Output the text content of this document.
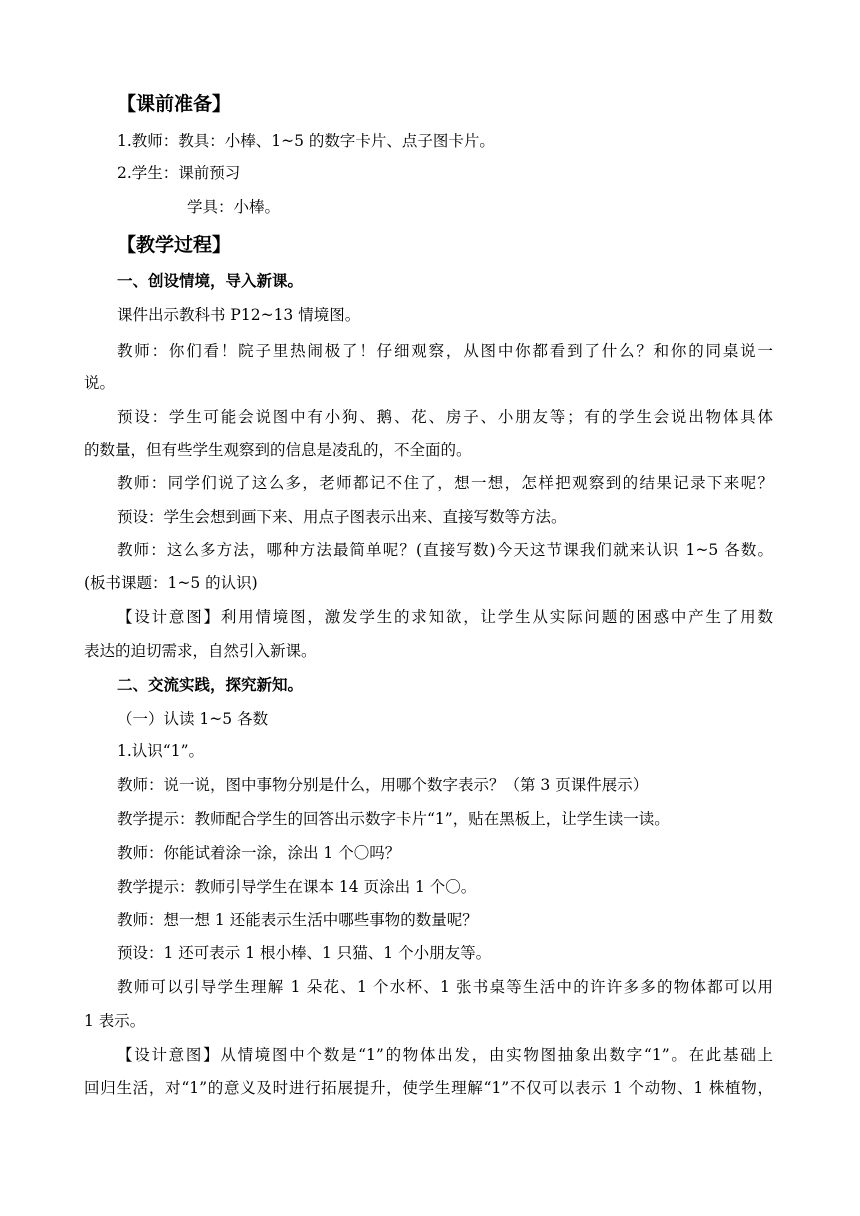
【课前准备】
1.教师：教具：小棒、1~5 的数字卡片、点子图卡片。
2.学生：课前预习
学具：小棒。
【教学过程】
一、创设情境，导入新课。
课件出示教科书 P12~13 情境图。
教师：你们看！院子里热闹极了！仔细观察，从图中你都看到了什么？和你的同桌说一
说。
预设：学生可能会说图中有小狗、鹅、花、房子、小朋友等；有的学生会说出物体具体
的数量，但有些学生观察到的信息是凌乱的，不全面的。
教师：同学们说了这么多，老师都记不住了，想一想，怎样把观察到的结果记录下来呢？
预设：学生会想到画下来、用点子图表示出来、直接写数等方法。
教师：这么多方法，哪种方法最简单呢？(直接写数)今天这节课我们就来认识 1~5 各数。
(板书课题：1~5 的认识)
【设计意图】利用情境图，激发学生的求知欲，让学生从实际问题的困惑中产生了用数
表达的迫切需求，自然引入新课。
二、交流实践，探究新知。
（一）认读 1~5 各数
1.认识“1”。
教师：说一说，图中事物分别是什么，用哪个数字表示？（第 3 页课件展示）
教学提示：教师配合学生的回答出示数字卡片“1”，贴在黑板上，让学生读一读。
教师：你能试着涂一涂，涂出 1 个〇吗？
教学提示：教师引导学生在课本 14 页涂出 1 个〇。
教师：想一想 1 还能表示生活中哪些事物的数量呢？
预设：1 还可表示 1 根小棒、1 只猫、1 个小朋友等。
教师可以引导学生理解 1 朵花、1 个水杯、1 张书桌等生活中的许许多多的物体都可以用
1 表示。
【设计意图】从情境图中个数是“1”的物体出发，由实物图抽象出数字“1”。在此基础上
回归生活，对“1”的意义及时进行拓展提升，使学生理解“1”不仅可以表示 1 个动物、1 株植物，
